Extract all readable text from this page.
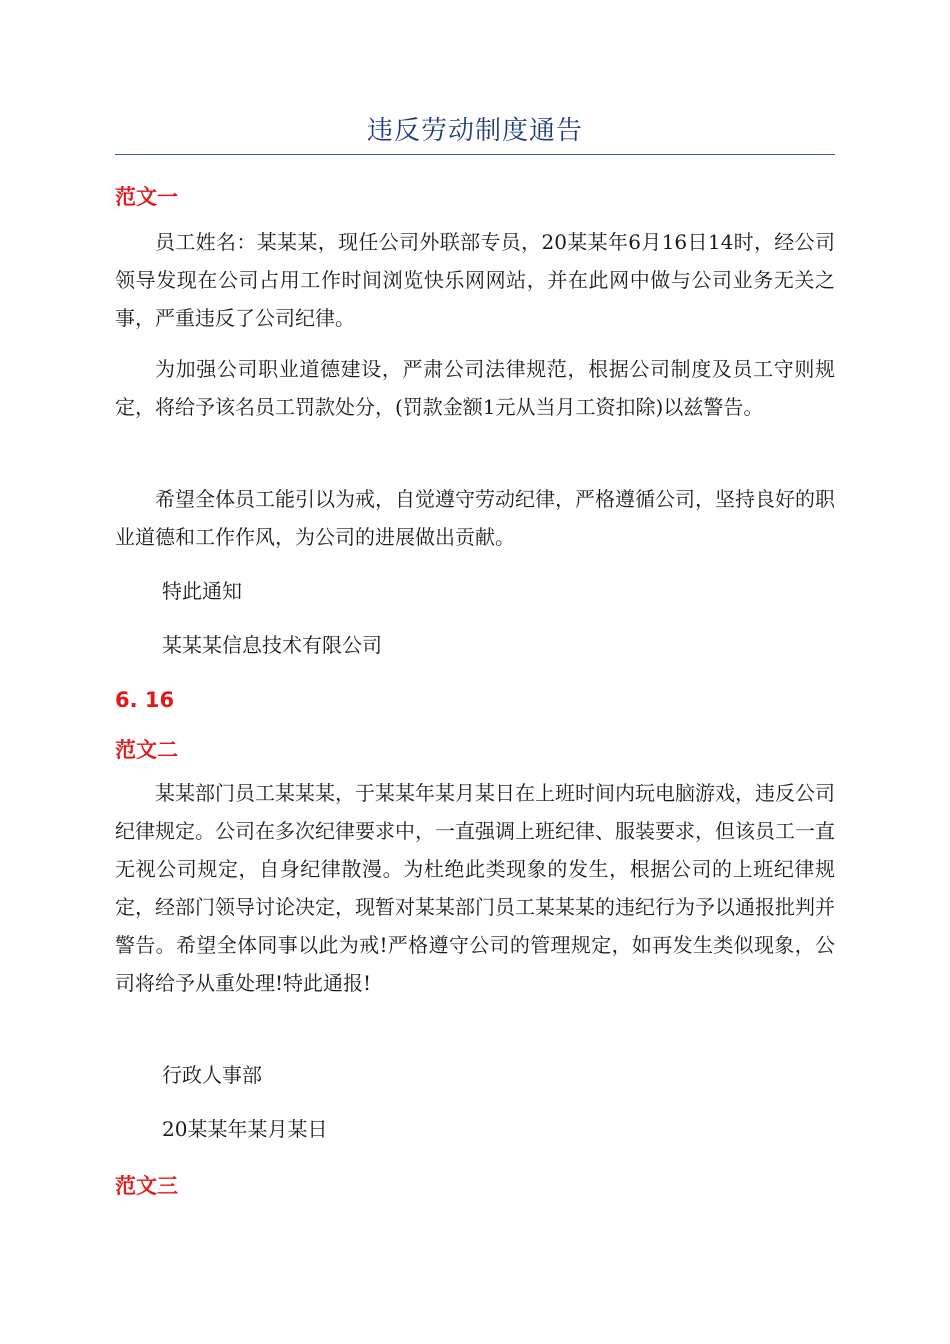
违反劳动制度通告
范文一

员工姓名：某某某，现任公司外联部专员，20某某年6月16日14时，经公司领导发现在公司占用工作时间浏览快乐网网站，并在此网中做与公司业务无关之事，严重违反了公司纪律。

为加强公司职业道德建设，严肃公司法律规范，根据公司制度及员工守则规定，将给予该名员工罚款处分，(罚款金额1元从当月工资扣除)以兹警告。

希望全体员工能引以为戒，自觉遵守劳动纪律，严格遵循公司，坚持良好的职业道德和工作作风，为公司的进展做出贡献。

特此通知

某某某信息技术有限公司

6. 16
范文二

某某部门员工某某某，于某某年某月某日在上班时间内玩电脑游戏，违反公司纪律规定。公司在多次纪律要求中，一直强调上班纪律、服装要求，但该员工一直无视公司规定，自身纪律散漫。为杜绝此类现象的发生，根据公司的上班纪律规定，经部门领导讨论决定，现暂对某某部门员工某某某的违纪行为予以通报批判并警告。希望全体同事以此为戒!严格遵守公司的管理规定，如再发生类似现象，公司将给予从重处理!特此通报!

行政人事部

20某某年某月某日

范文三
